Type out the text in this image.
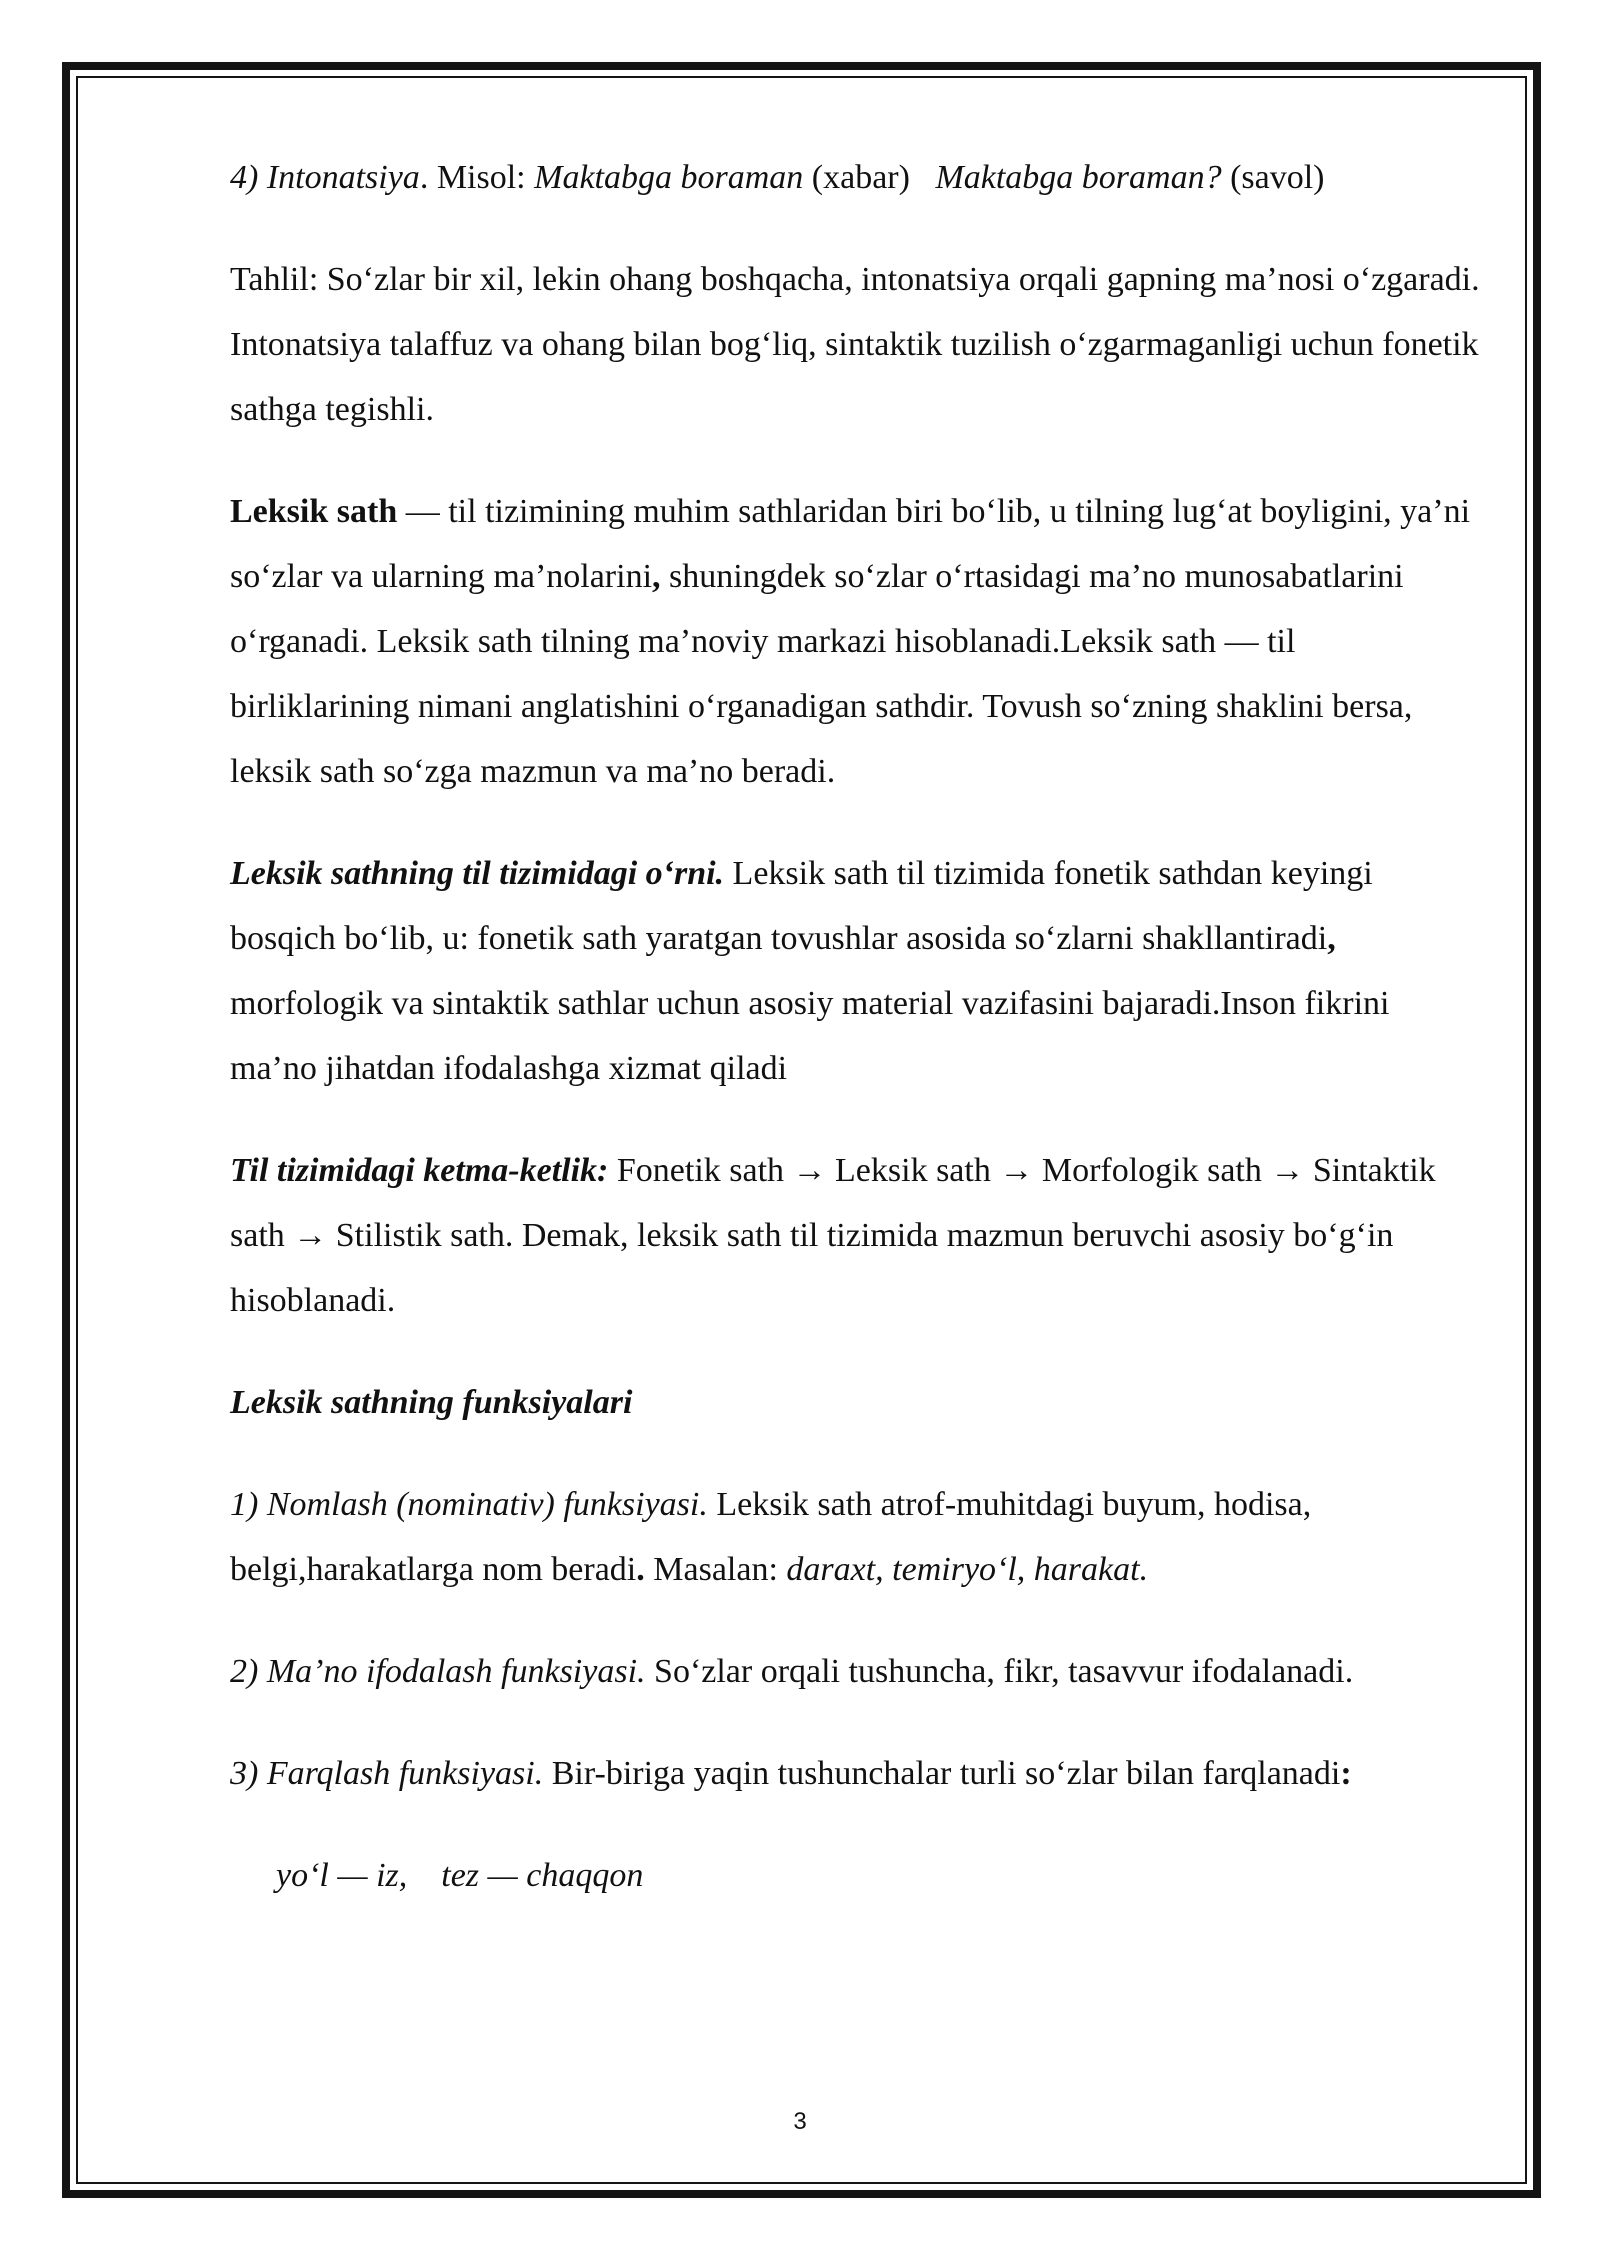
4) Intonatsiya. Misol: Maktabga boraman (xabar)   Maktabga boraman? (savol)

Tahlil: So‘zlar bir xil, lekin ohang boshqacha, intonatsiya orqali gapning ma’nosi o‘zgaradi. Intonatsiya talaffuz va ohang bilan bog‘liq, sintaktik tuzilish o‘zgarmaganligi uchun fonetik sathga tegishli.

Leksik sath — til tizimining muhim sathlaridan biri bo‘lib, u tilning lug‘at boyligini, ya’ni so‘zlar va ularning ma’nolarini, shuningdek so‘zlar o‘rtasidagi ma’no munosabatlarini o‘rganadi. Leksik sath tilning ma’noviy markazi hisoblanadi.Leksik sath — til birliklarining nimani anglatishini o‘rganadigan sathdir. Tovush so‘zning shaklini bersa, leksik sath so‘zga mazmun va ma’no beradi.

Leksik sathning til tizimidagi o‘rni. Leksik sath til tizimida fonetik sathdan keyingi bosqich bo‘lib, u: fonetik sath yaratgan tovushlar asosida so‘zlarni shakllantiradi, morfologik va sintaktik sathlar uchun asosiy material vazifasini bajaradi.Inson fikrini ma’no jihatdan ifodalashga xizmat qiladi

Til tizimidagi ketma-ketlik: Fonetik sath → Leksik sath → Morfologik sath → Sintaktik sath → Stilistik sath. Demak, leksik sath til tizimida mazmun beruvchi asosiy bo‘g‘in hisoblanadi.

Leksik sathning funksiyalari

1) Nomlash (nominativ) funksiyasi. Leksik sath atrof-muhitdagi buyum, hodisa, belgi,harakatlarga nom beradi. Masalan: daraxt, temiryo‘l, harakat.

2) Ma’no ifodalash funksiyasi. So‘zlar orqali tushuncha, fikr, tasavvur ifodalanadi.

3) Farqlash funksiyasi. Bir-biriga yaqin tushunchalar turli so‘zlar bilan farqlanadi:

yo‘l — iz,    tez — chaqqon

3
